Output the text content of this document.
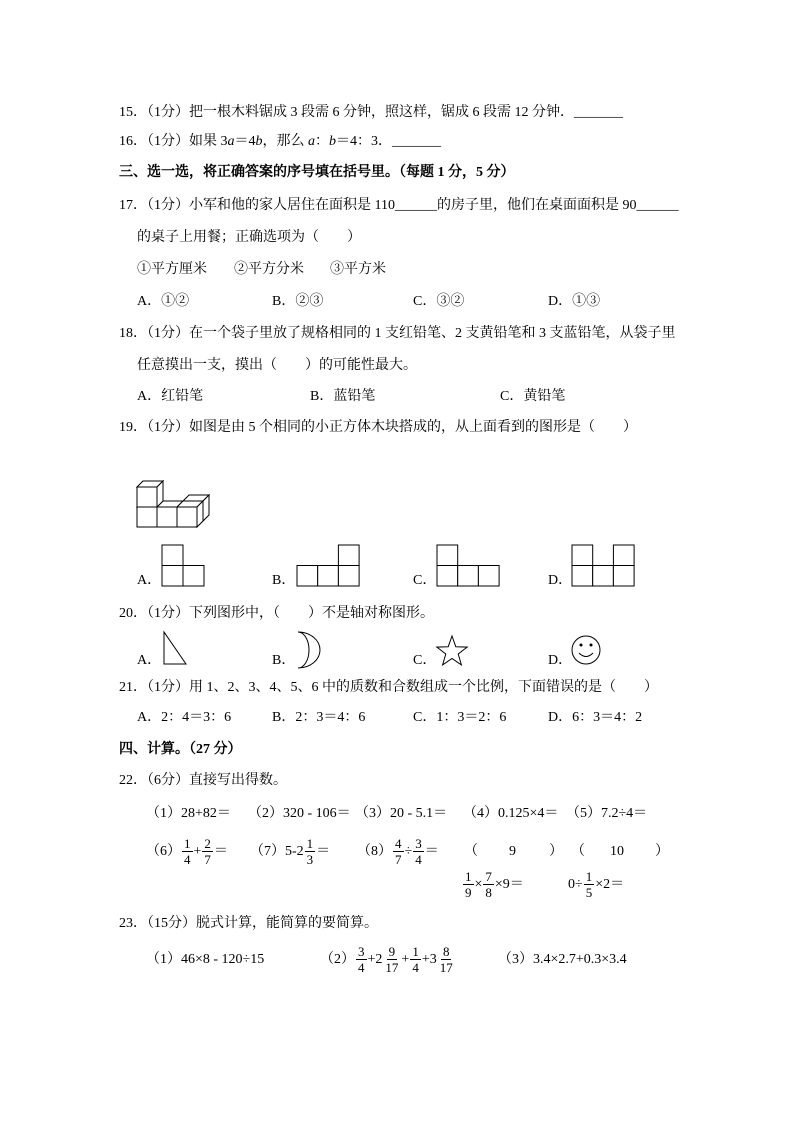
15．（1分）把一根木料锯成 3 段需 6 分钟，照这样，锯成 6 段需 12 分钟．_______
16．（1分）如果 3a＝4b，那么 a：b＝4：3．_______
三、选一选，将正确答案的序号填在括号里。（每题 1 分，5 分）
17．（1分）小军和他的家人居住在面积是 110______的房子里，他们在桌面面积是 90______
的桌子上用餐；正确选项为（　　）
①平方厘米 ②平方分米 ③平方米
A．①②	B．②③	C．③②	D．①③
18．（1分）在一个袋子里放了规格相同的 1 支红铅笔、2 支黄铅笔和 3 支蓝铅笔，从袋子里
任意摸出一支，摸出（　　）的可能性最大。
A．红铅笔	B．蓝铅笔	C．黄铅笔
19．（1分）如图是由 5 个相同的小正方体木块搭成的，从上面看到的图形是（　　）
A．	B．	C．	D．
20．（1分）下列图形中，（　　）不是轴对称图形。
A．	B．	C．	D．
21．（1分）用 1、2、3、4、5、6 中的质数和合数组成一个比例，下面错误的是（　　）
A．2：4＝3：6	B．2：3＝4：6	C．1：3＝2：6	D．6：3＝4：2
四、计算。（27 分）
22．（6分）直接写出得数。
（1）28+82＝ （2）320 - 106＝ （3）20 - 5.1＝ （4）0.125×4＝ （5）7.2÷4＝
$(6) \frac{1}{4} + \frac{2}{7} = (7)5-2 \frac{1}{3} = (8) \frac{4}{7} \div \frac{3}{4}$ ＝ （ 9 ） （ 10 ）
$\frac{1}{9} \times \frac{7}{8} \times 9=$	$0\div \frac{1}{5} \times 2=$
23．（15分）脱式计算，能简算的要简算。
（1）46×8 - 120÷15	$(2) \frac{3}{4} +2 \frac{9}{17} + \frac{1}{4} +3 \frac{8}{17}$	（3）3.4×2.7+0.3×3.4
